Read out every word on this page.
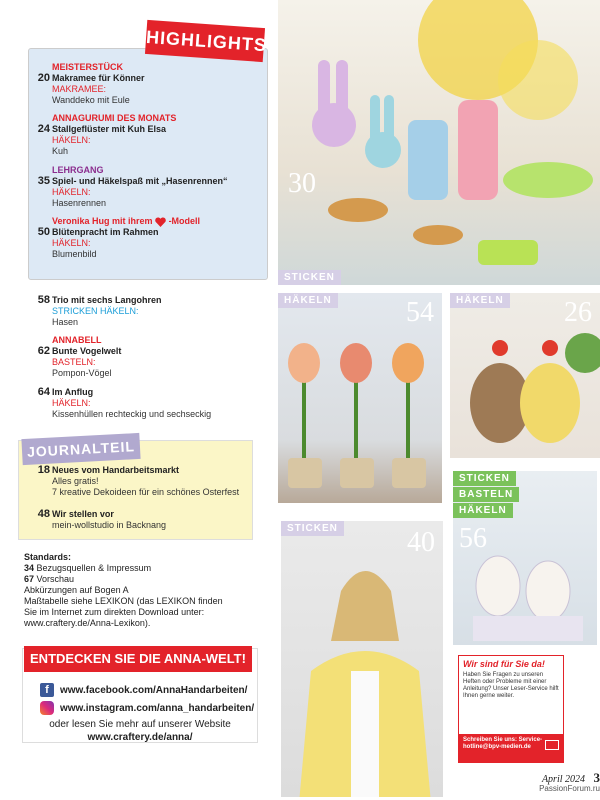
HIGHLIGHTS
MEISTERSTÜCK
20 Makramee für Könner
MAKRAMEE:
Wanddeko mit Eule
ANNAGURUMI DES MONATS
24 Stallgeflüster mit Kuh Elsa
HÄKELN:
Kuh
LEHRGANG
35 Spiel- und Häkelspaß mit „Hasenrennen“
HÄKELN:
Hasenrennen
Veronika Hug mit ihrem -Modell
50 Blütenpracht im Rahmen
HÄKELN:
Blumenbild
58 Trio mit sechs Langohren
STRICKEN HÄKELN:
Hasen
ANNABELL
62 Bunte Vogelwelt
BASTELN:
Pompon-Vögel
64 Im Anflug
HÄKELN:
Kissenhüllen rechteckig und sechseckig
JOURNALTEIL
18 Neues vom Handarbeitsmarkt
Alles gratis!
7 kreative Dekoideen für ein schönes Osterfest
48 Wir stellen vor
mein-wollstudio in Backnang
Standards:
34 Bezugsquellen & Impressum
67 Vorschau
Abkürzungen auf Bogen A
Maßtabelle siehe LEXIKON (das LEXIKON finden
Sie im Internet zum direkten Download unter:
www.craftery.de/Anna-Lexikon).
ENTDECKEN SIE DIE ANNA-WELT!
f	www.facebook.com/AnnaHandarbeiten/
www.instagram.com/anna_handarbeiten/
oder lesen Sie mehr auf unserer Website
www.craftery.de/anna/
STICKEN
30
HÄKELN	54	HÄKELN 26
STICKEN
BASTELN
HÄKELN
56
STICKEN 40
Wir sind für Sie da!
Haben Sie Fragen zu unseren Heften oder Probleme mit einer Anleitung? Unser Leser-Service hilft Ihnen gerne weiter.
Schreiben Sie uns: Service-hotline@bpv-medien.de
April 2024 3
PassionForum.ru
